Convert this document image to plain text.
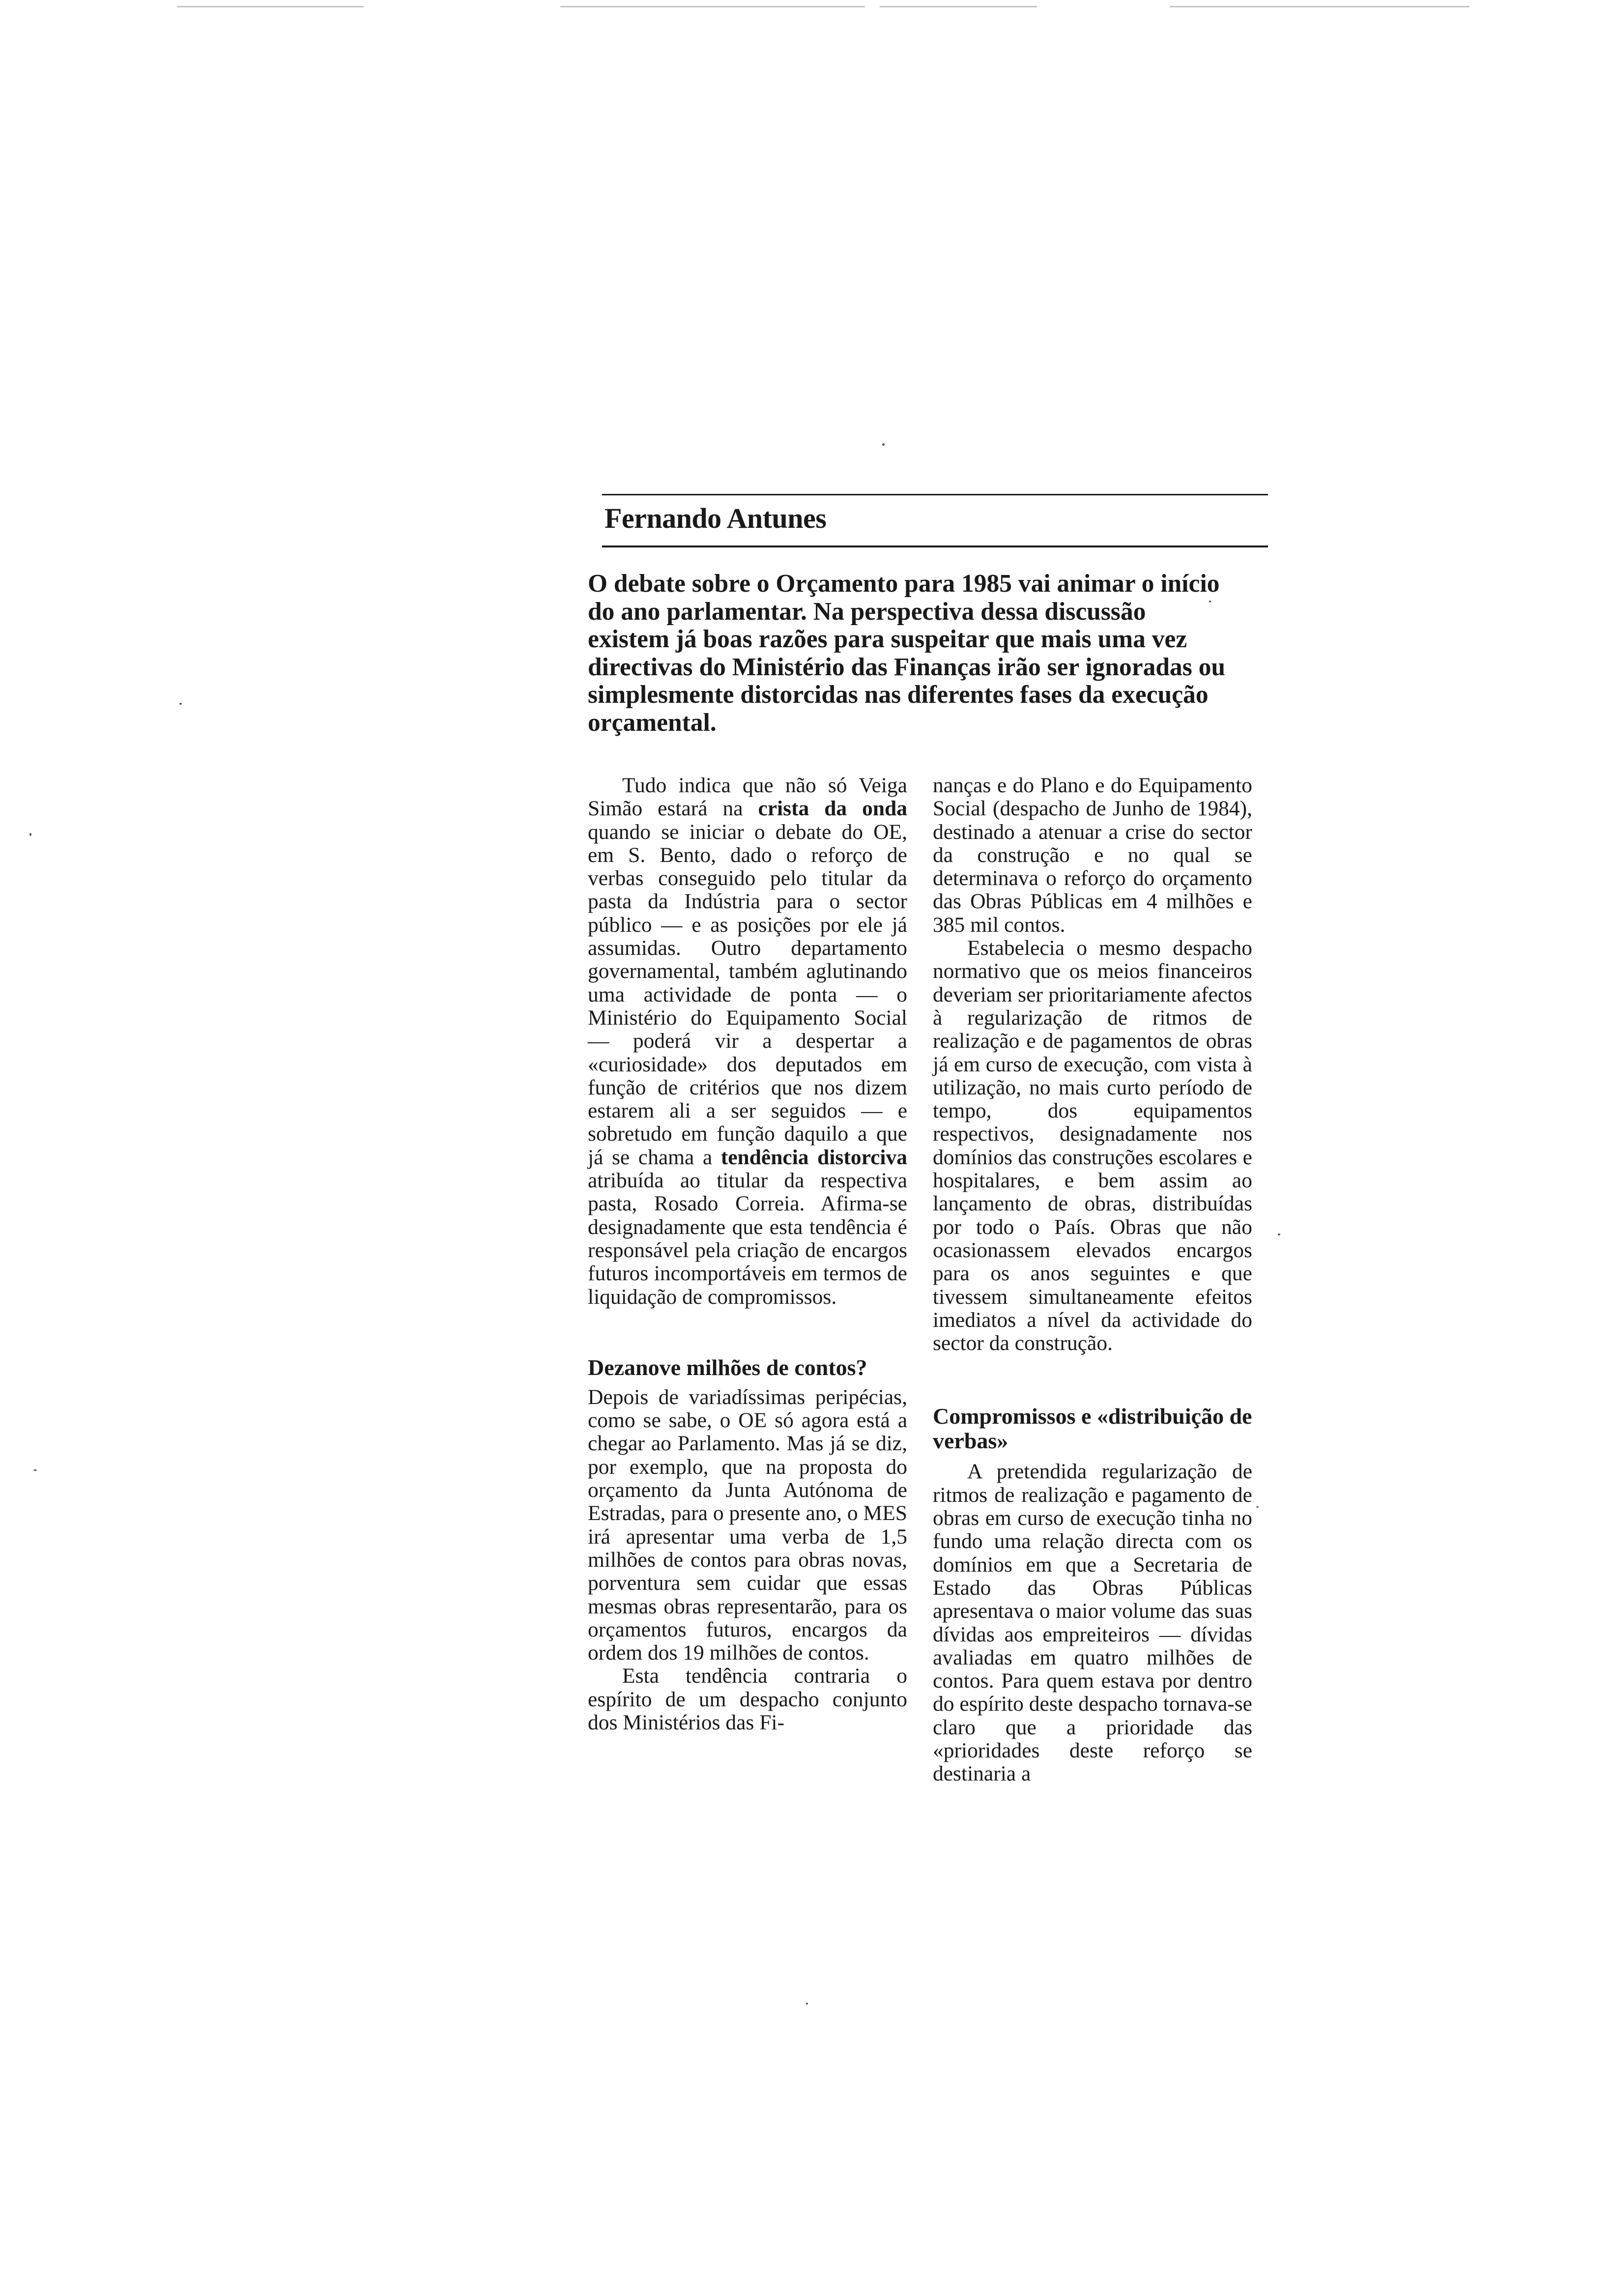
Fernando Antunes
O debate sobre o Orçamento para 1985 vai animar o início do ano parlamentar. Na perspectiva dessa discussão existem já boas razões para suspeitar que mais uma vez directivas do Ministério das Finanças irão ser ignoradas ou simplesmente distorcidas nas diferentes fases da execução orçamental.

Tudo indica que não só Veiga Simão estará na crista da onda quando se iniciar o debate do OE, em S. Bento, dado o reforço de verbas conseguido pelo titular da pasta da Indústria para o sector público — e as posições por ele já assumidas. Outro departamento governamental, também aglutinando uma actividade de ponta — o Ministério do Equipamento Social — poderá vir a despertar a «curiosidade» dos deputados em função de critérios que nos dizem estarem ali a ser seguidos — e sobretudo em função daquilo a que já se chama a tendência distorciva atribuída ao titular da respectiva pasta, Rosado Correia. Afirma-se designadamente que esta tendência é responsável pela criação de encargos futuros incomportáveis em termos de liquidação de compromissos.

Dezanove milhões de contos?

Depois de variadíssimas peripécias, como se sabe, o OE só agora está a chegar ao Parlamento. Mas já se diz, por exemplo, que na proposta do orçamento da Junta Autónoma de Estradas, para o presente ano, o MES irá apresentar uma verba de 1,5 milhões de contos para obras novas, porventura sem cuidar que essas mesmas obras representarão, para os orçamentos futuros, encargos da ordem dos 19 milhões de contos.

Esta tendência contraria o espírito de um despacho conjunto dos Ministérios das Fi-

nanças e do Plano e do Equipamento Social (despacho de Junho de 1984), destinado a atenuar a crise do sector da construção e no qual se determinava o reforço do orçamento das Obras Públicas em 4 milhões e 385 mil contos.

Estabelecia o mesmo despacho normativo que os meios financeiros deveriam ser prioritariamente afectos à regularização de ritmos de realização e de pagamentos de obras já em curso de execução, com vista à utilização, no mais curto período de tempo, dos equipamentos respectivos, designadamente nos domínios das construções escolares e hospitalares, e bem assim ao lançamento de obras, distribuídas por todo o País. Obras que não ocasionassem elevados encargos para os anos seguintes e que tivessem simultaneamente efeitos imediatos a nível da actividade do sector da construção.

Compromissos e «distribuição de verbas»

A pretendida regularização de ritmos de realização e pagamento de obras em curso de execução tinha no fundo uma relação directa com os domínios em que a Secretaria de Estado das Obras Públicas apresentava o maior volume das suas dívidas aos empreiteiros — dívidas avaliadas em quatro milhões de contos. Para quem estava por dentro do espírito deste despacho tornava-se claro que a prioridade das «prioridades deste reforço se destinaria a
